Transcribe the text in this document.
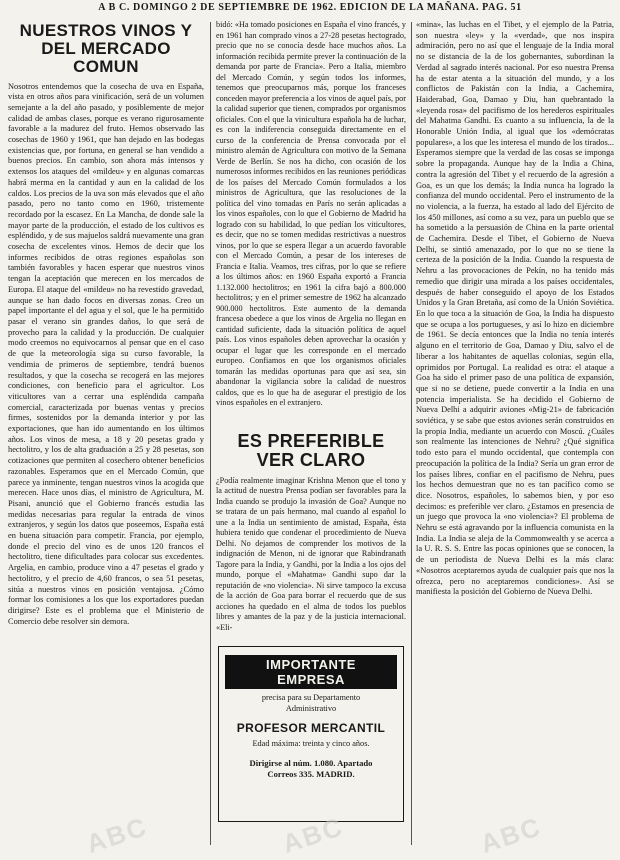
A B C. DOMINGO 2 DE SEPTIEMBRE DE 1962. EDICION DE LA MAÑANA. PAG. 51
NUESTROS VINOS Y DEL MERCADO COMUN

Nosotros entendemos que la cosecha de uva en España, vista en otros años para vinificación, será de un volumen semejante a la del año pasado, y posiblemente de mejor calidad de ambas clases, porque es verano rigurosamente favorable a la madurez del fruto. Hemos observado las cosechas de 1960 y 1961, que han dejado en las bodegas existencias que, por fortuna, en general se han vendido a buenos precios. En cambio, son ahora más intensos y extensos los ataques del «mildeu» y en algunas comarcas habrá merma en la cantidad y aun en la calidad de los caldos. Los precios de la uva son más elevados que el año pasado, pero no tanto como en 1960, tristemente recordado por la escasez. En La Mancha, de donde sale la mayor parte de la producción, el estado de los cultivos es espléndido, y de sus majuelos saldrá nuevamente una gran cosecha de excelentes vinos. Hemos de decir que los informes recibidos de otras regiones españolas son también favorables y hacen esperar que nuestros vinos tengan la aceptación que merecen en los mercados de Europa. El ataque del «mildeu» no ha revestido gravedad, aunque se han dado focos en diversas zonas. Creo un papel importante el del agua y el sol, que le ha permitido pasar el verano sin grandes daños, lo que será de provecho para la calidad y la producción. De cualquier modo creemos no equivocarnos al pensar que en el caso de que la meteorología siga su curso favorable, la vendimia de primeros de septiembre, tendrá buenos resultados, y que la cosecha se recogerá en las mejores condiciones, con beneficio para el agricultor. Los viticultores van a cerrar una espléndida campaña comercial, caracterizada por buenas ventas y precios firmes, sostenidos por la demanda interior y por las exportaciones, que han ido aumentando en los últimos años. Los vinos de mesa, a 18 y 20 pesetas grado y hectolitro, y los de alta graduación a 25 y 28 pesetas, son cotizaciones que permiten al cosechero obtener beneficios razonables. Esperamos que en el Mercado Común, que parece ya inminente, tengan nuestros vinos la acogida que merecen. Hace unos días, el ministro de Agricultura, M. Pisani, anunció que el Gobierno francés estudia las medidas necesarias para regular la entrada de vinos extranjeros, y según los datos que poseemos, España está en buena situación para competir. Francia, por ejemplo, donde el precio del vino es de unos 120 francos el hectolitro, tiene dificultades para colocar sus excedentes. Argelia, en cambio, produce vino a 47 pesetas el grado y hectolitro, y el precio de 4,60 francos, o sea 51 pesetas, sitúa a nuestros vinos en posición ventajosa. ¿Cómo formar los comisiones a los que los exportadores puedan dirigirse? Este es el problema que el Ministerio de Comercio debe resolver sin demora.

bidó: «Ha tomado posiciones en España el vino francés, y en 1961 han comprado vinos a 27-28 pesetas hectogrado, precio que no se conocía desde hace muchos años. La información recibida permite prever la continuación de la demanda por parte de Francia». Pero a Italia, miembro del Mercado Común, y según todos los informes, tenemos que preocuparnos más, porque los franceses conceden mayor preferencia a los vinos de aquel país, por la calidad superior que tienen, comprados por organismos oficiales. Con el que la vinicultura española ha de luchar, es con la indiferencia conseguida directamente en el curso de la conferencia de Prensa convocada por el ministro alemán de Agricultura con motivo de la Semana Verde de Berlín. Se nos ha dicho, con ocasión de los numerosos informes recibidos en las reuniones periódicas de los países del Mercado Común formulados a los ministros de Agricultura, que las resoluciones de la política del vino tomadas en París no serán aplicadas a los vinos españoles, con lo que el Gobierno de Madrid ha logrado con su habilidad, lo que pedían los viticultores, es decir, que no se tomen medidas restrictivas a nuestros vinos, por lo que se espera llegar a un acuerdo favorable con el Mercado Común, a pesar de los intereses de Francia e Italia. Veamos, tres cifras, por lo que se refiere a los últimos años: en 1960 España exportó a Francia 1.132.000 hectolitros; en 1961 la cifra bajó a 800.000 hectolitros; y en el primer semestre de 1962 ha alcanzado 900.000 hectolitros. Este aumento de la demanda francesa obedece a que los vinos de Argelia no llegan en cantidad suficiente, dada la situación política de aquel país. Los vinos españoles deben aprovechar la ocasión y ocupar el lugar que les corresponde en el mercado europeo. Confiamos en que los organismos oficiales tomarán las medidas oportunas para que así sea, sin abandonar la vigilancia sobre la calidad de nuestros caldos, que es lo que ha de asegurar el prestigio de los vinos españoles en el extranjero.

ES PREFERIBLE VER CLARO

¿Podía realmente imaginar Krishna Menon que el tono y la actitud de nuestra Prensa podían ser favorables para la India cuando se produjo la invasión de Goa? Aunque no se tratara de un país hermano, mal cuando al español lo une a la India un sentimiento de amistad, España, ésta hubiera tenido que condenar el procedimiento de Nueva Delhi. No dejamos de comprender los motivos de la indignación de Menon, ni de ignorar que Rabindranath Tagore para la India, y Gandhi, por la India a los ojos del mundo, porque el «Mahatma» Gandhi supo dar la reputación de «no violencia». Ni sirve tampoco la excusa de la acción de Goa para borrar el recuerdo que de sus acciones ha quedado en el alma de todos los pueblos libres y amantes de la paz y de la justicia internacional. «Eli-

IMPORTANTE EMPRESA

precisa para su Departamento

Administrativo

PROFESOR MERCANTIL

Edad máxima: treinta y cinco años.

Dirigirse al núm. 1.080. Apartado
Correos 335. MADRID.

«mina», las luchas en el Tibet, y el ejemplo de la Patria, son nuestra «ley» y la «verdad», que nos inspira admiración, pero no así que el lenguaje de la India moral no se distancia de la de los gobernantes, subordinan la Verdad al sagrado interés nacional. Por eso nuestra Prensa ha de estar atenta a la situación del mundo, y a los conflictos de Pakistán con la India, a Cachemira, Haiderabad, Goa, Damao y Diu, han quebrantado la «leyenda rosa» del pacifismo de los herederos espirituales del Mahatma Gandhi. Es cuanto a su influencia, la de la Honorable Unión India, al igual que los «demócratas populares», a los que les interesa el mundo de los tirados... Esperamos siempre que la verdad de las cosas se imponga sobre la propaganda. Aunque hay de la India a China, contra la agresión del Tibet y el recuerdo de la agresión a Goa, es un que los demás; la India nunca ha logrado la confianza del mundo occidental. Pero el instrumento de la no violencia, a la fuerza, ha estado al lado del Ejército de los 450 millones, así como a su vez, para un pueblo que se ha sometido a la persuasión de China en la parte oriental de Cachemira. Desde el Tibet, el Gobierno de Nueva Delhi, se sintió amenazado, por lo que no se tiene la certeza de la posición de la India. Cuando la respuesta de Nehru a las provocaciones de Pekín, no ha tenido más remedio que dirigir una mirada a los países occidentales, después de haber conseguido el apoyo de los Estados Unidos y la Gran Bretaña, así como de la Unión Soviética. En lo que toca a la situación de Goa, la India ha dispuesto que se ocupa a los portugueses, y así lo hizo en diciembre de 1961. Se decía entonces que la India no tenía interés alguno en el territorio de Goa, Damao y Diu, salvo el de liberar a los habitantes de aquellas colonias, según ella, oprimidos por Portugal. La realidad es otra: el ataque a Goa ha sido el primer paso de una política de expansión, que si no se detiene, puede convertir a la India en una potencia imperialista. Se ha decidido el Gobierno de Nueva Delhi a adquirir aviones «Mig-21» de fabricación soviética, y se sabe que estos aviones serán construidos en la propia India, mediante un acuerdo con Moscú. ¿Cuáles son realmente las intenciones de Nehru? ¿Qué significa todo esto para el mundo occidental, que contempla con preocupación la política de la India? Sería un gran error de los países libres, confiar en el pacifismo de Nehru, pues los hechos demuestran que no es tan pacífico como se dice. Nosotros, españoles, lo sabemos bien, y por eso decimos: es preferible ver claro. ¿Estamos en presencia de un juego que provoca la «no violencia»? El problema de Nehru se está agravando por la influencia comunista en la India. La India se aleja de la Commonwealth y se acerca a la U. R. S. S. Entre las pocas opiniones que se conocen, la de un periodista de Nueva Delhi es la más clara: «Nosotros aceptaremos ayuda de cualquier país que nos la ofrezca, pero no aceptaremos condiciones». Así se manifiesta la posición del Gobierno de Nueva Delhi.

ABC	ABC	ABC
